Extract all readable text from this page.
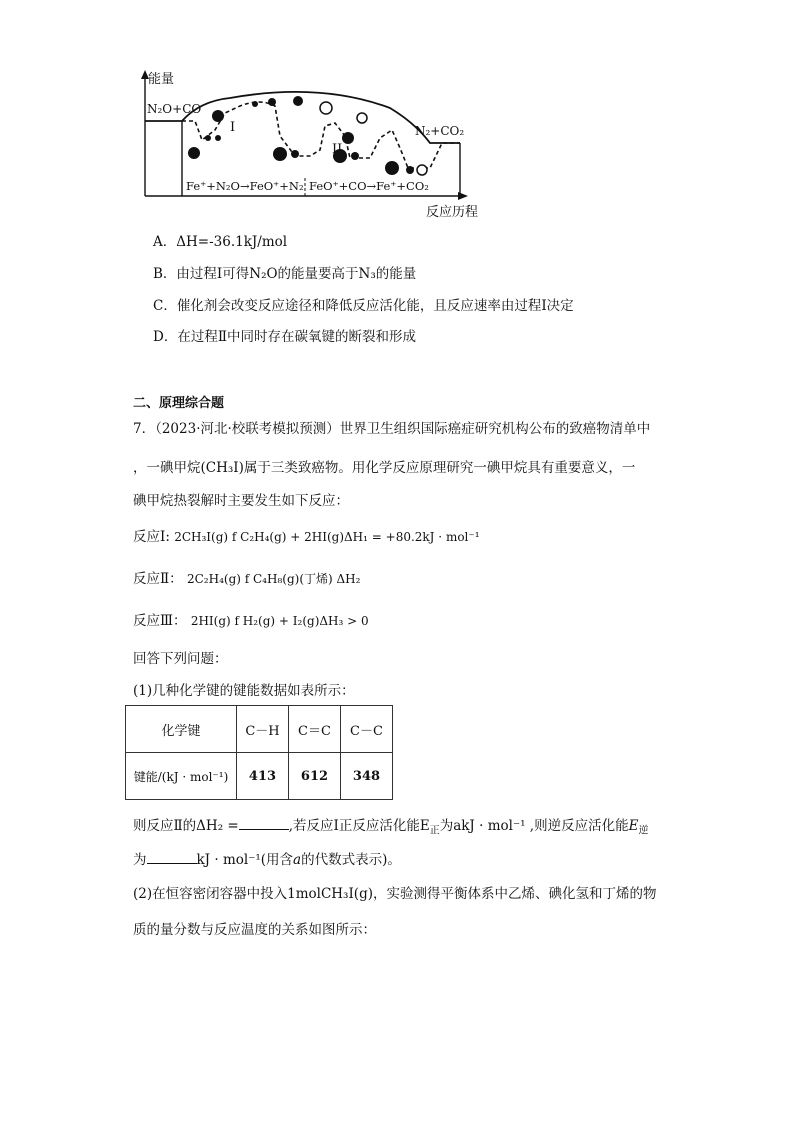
能量
反应历程
N₂O+CO
N₂+CO₂
I
II
Fe⁺+N₂O→FeO⁺+N₂ FeO⁺+CO→Fe⁺+CO₂
A．ΔH=-36.1kJ/mol
B．由过程Ⅰ可得N₂O的能量要高于N₃的能量
C．催化剂会改变反应途径和降低反应活化能，且反应速率由过程Ⅰ决定
D．在过程Ⅱ中同时存在碳氧键的断裂和形成
二、原理综合题
7．（2023·河北·校联考模拟预测）世界卫生组织国际癌症研究机构公布的致癌物清单中
，一碘甲烷(CH₃I)属于三类致癌物。用化学反应原理研究一碘甲烷具有重要意义，一
碘甲烷热裂解时主要发生如下反应：
反应Ⅰ: 2CH₃I(g) f C₂H₄(g) + 2HI(g)ΔH₁ = +80.2kJ · mol⁻¹
反应Ⅱ： 2C₂H₄(g) f C₄H₈(g)(丁烯) ΔH₂
反应Ⅲ： 2HI(g) f H₂(g) + I₂(g)ΔH₃ > 0
回答下列问题：
(1)几种化学键的键能数据如表所示：
化学键	C－H	C＝C	C－C
键能/(kJ · mol⁻¹)	413	612	348
则反应Ⅱ的ΔH₂ =	,若反应Ⅰ正反应活化能$E_正$为akJ · mol⁻¹ ,则逆反应活化能$E_逆$
为	kJ · mol⁻¹(用含a的代数式表示)。
(2)在恒容密闭容器中投入1molCH₃I(g)，实验测得平衡体系中乙烯、碘化氢和丁烯的物
质的量分数与反应温度的关系如图所示：
